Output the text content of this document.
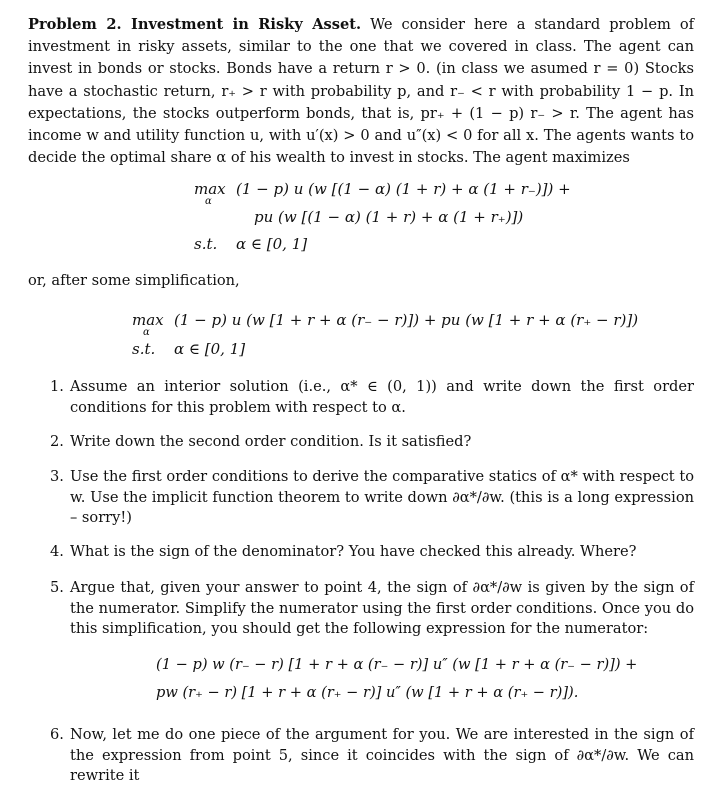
Problem 2. Investment in Risky Asset. We consider here a standard problem of investment in risky assets, similar to the one that we covered in class. The agent can invest in bonds or stocks. Bonds have a return r > 0. (in class we asumed r = 0) Stocks have a stochastic return, r₊ > r with probability p, and r₋ < r with probability 1 − p. In expectations, the stocks outperform bonds, that is, pr₊ + (1 − p) r₋ > r. The agent has income w and utility function u, with u′(x) > 0 and u″(x) < 0 for all x. The agents wants to decide the optimal share α of his wealth to invest in stocks. The agent maximizes

max
α
(1 − p) u (w [(1 − α) (1 + r) + α (1 + r₋)]) +
pu (w [(1 − α) (1 + r) + α (1 + r₊)])
s.t. α ∈ [0, 1]
or, after some simplification,
max
α
(1 − p) u (w [1 + r + α (r₋ − r)]) + pu (w [1 + r + α (r₊ − r)])
s.t. α ∈ [0, 1]
1. Assume an interior solution (i.e., α* ∈ (0, 1)) and write down the first order conditions for this problem with respect to α.
2. Write down the second order condition. Is it satisfied?
3. Use the first order conditions to derive the comparative statics of α* with respect to w. Use the implicit function theorem to write down ∂α*/∂w. (this is a long expression – sorry!)
4. What is the sign of the denominator? You have checked this already. Where?
5. Argue that, given your answer to point 4, the sign of ∂α*/∂w is given by the sign of the numerator. Simplify the numerator using the first order conditions. Once you do this simplification, you should get the following expression for the numerator:
(1 − p) w (r₋ − r) [1 + r + α (r₋ − r)] u″ (w [1 + r + α (r₋ − r)]) +
pw (r₊ − r) [1 + r + α (r₊ − r)] u″ (w [1 + r + α (r₊ − r)]).
6. Now, let me do one piece of the argument for you. We are interested in the sign of the expression from point 5, since it coincides with the sign of ∂α*/∂w. We can rewrite it
